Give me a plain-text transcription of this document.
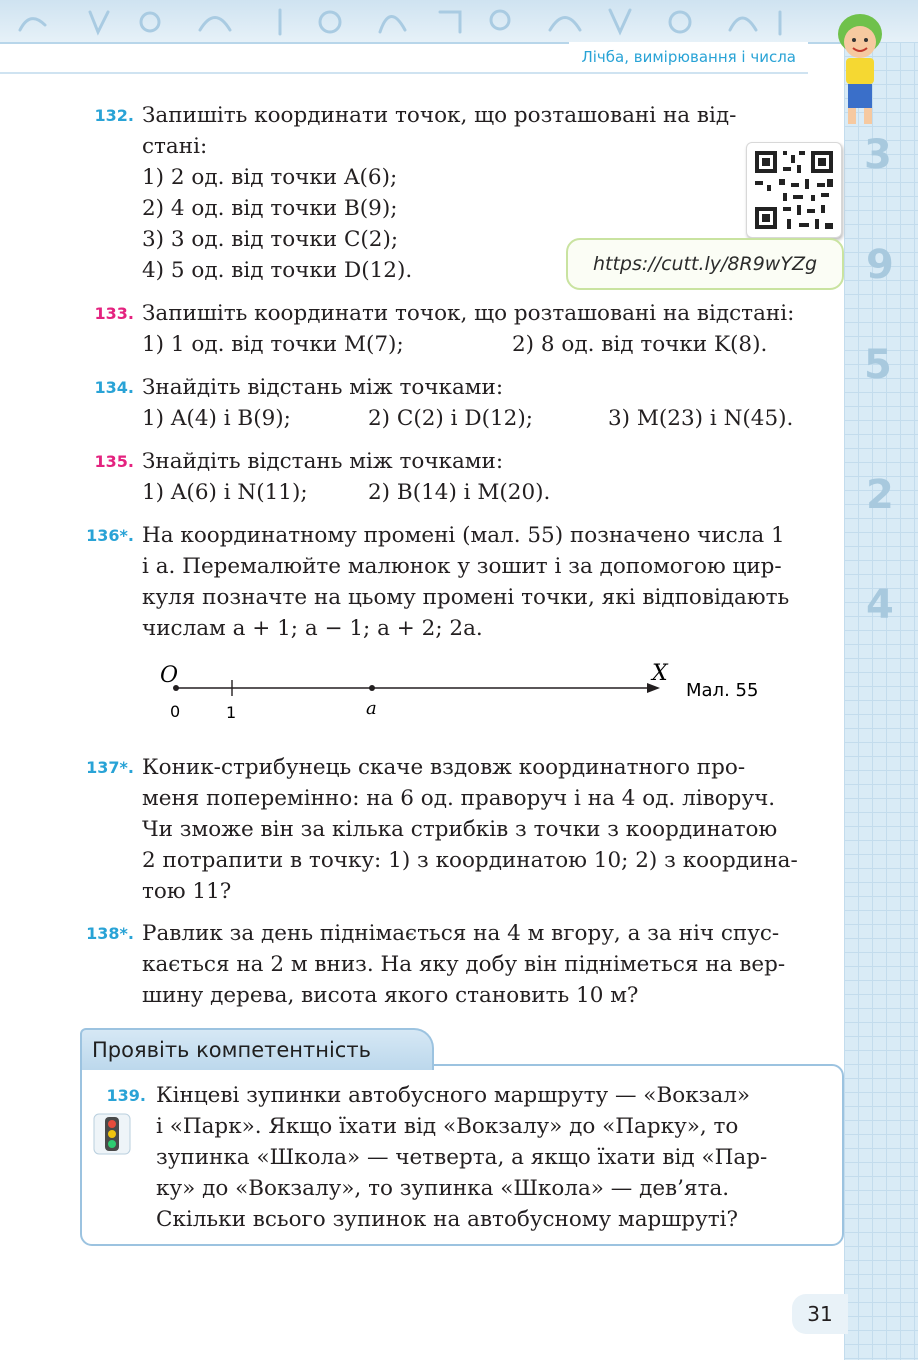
Лічба, вимірювання і числа
3
9
5
2
4
132. Запишіть координати точок, що розташовані на від-
стані:
1) 2 од. від точки A(6);
2) 4 од. від точки B(9);
3) 3 од. від точки C(2);
4) 5 од. від точки D(12).	https://cutt.ly/8R9wYZg
133. Запишіть координати точок, що розташовані на відстані:
1) 1 од. від точки M(7);	2) 8 од. від точки K(8).
134. Знайдіть відстань між точками:
1) A(4) і B(9);	2) C(2) і D(12);	3) M(23) і N(45).
135. Знайдіть відстань між точками:
1) A(6) і N(11);	2) B(14) і M(20).
136*. На координатному промені (мал. 55) позначено числа 1
і a. Перемалюйте малюнок у зошит і за допомогою цир-
куля позначте на цьому промені точки, які відповідають
числам a + 1; a − 1; a + 2; 2a.
O	X
0	1	a
Мал. 55
137*. Коник-стрибунець скаче вздовж координатного про-
меня поперемінно: на 6 од. праворуч і на 4 од. ліворуч.
Чи зможе він за кілька стрибків з точки з координатою
2 потрапити в точку: 1) з координатою 10; 2) з координа-
тою 11?
138*. Равлик за день піднімається на 4 м вгору, а за ніч спус-
кається на 2 м вниз. На яку добу він підніметься на вер-
шину дерева, висота якого становить 10 м?
Проявіть компетентність
139. Кінцеві зупинки автобусного маршруту — «Вокзал»
і «Парк». Якщо їхати від «Вокзалу» до «Парку», то
зупинка «Школа» — четверта, а якщо їхати від «Пар-
ку» до «Вокзалу», то зупинка «Школа» — дев’ята.
Скільки всього зупинок на автобусному маршруті?
31
